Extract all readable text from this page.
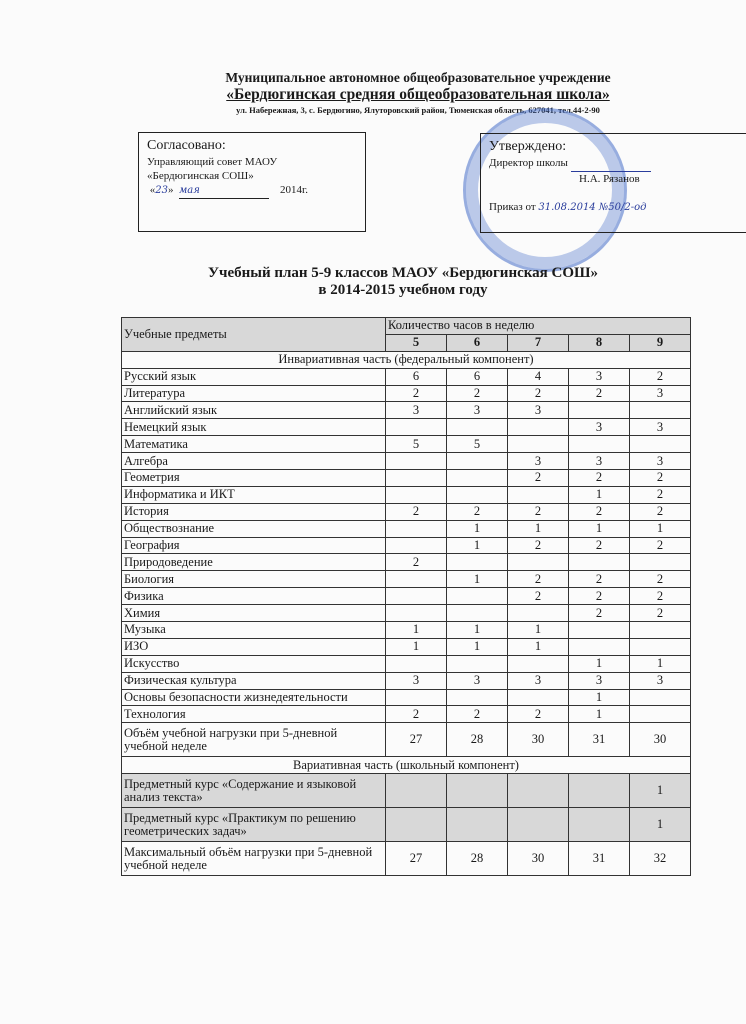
Муниципальное автономное общеобразовательное учреждение
«Бердюгинская средняя общеобразовательная школа»
ул. Набережная, 3, с. Бердюгино, Ялуторовский район, Тюменская область, 627041, тел.44-2-90
Согласовано:
Управляющий совет МАОУ
«Бердюгинская СОШ»
«23» мая	2014г.
Утверждено:
Директор школы
Н.А. Рязанов
Приказ от 31.08.2014 №50/2-од
Учебный план 5-9 классов МАОУ «Бердюгинская СОШ»
в 2014-2015 учебном году
Учебные предметы	Количество часов в неделю				
	5	6	7	8	9
Инвариативная часть (федеральный компонент)					
Русский язык	6	6	4	3	2
Литература	2	2	2	2	3
Английский язык	3	3	3		
Немецкий язык				3	3
Математика	5	5			
Алгебра			3	3	3
Геометрия			2	2	2
Информатика и ИКТ				1	2
История	2	2	2	2	2
Обществознание		1	1	1	1
География		1	2	2	2
Природоведение	2				
Биология		1	2	2	2
Физика			2	2	2
Химия				2	2
Музыка	1	1	1		
ИЗО	1	1	1		
Искусство				1	1
Физическая культура	3	3	3	3	3
Основы безопасности жизнедеятельности				1	
Технология	2	2	2	1	
Объём учебной нагрузки при 5-дневной учебной неделе	27	28	30	31	30
Вариативная часть (школьный компонент)					
Предметный курс «Содержание и языковой анализ текста»					1
Предметный курс «Практикум по решению геометрических задач»					1
Максимальный объём нагрузки при 5-дневной учебной неделе	27	28	30	31	32
